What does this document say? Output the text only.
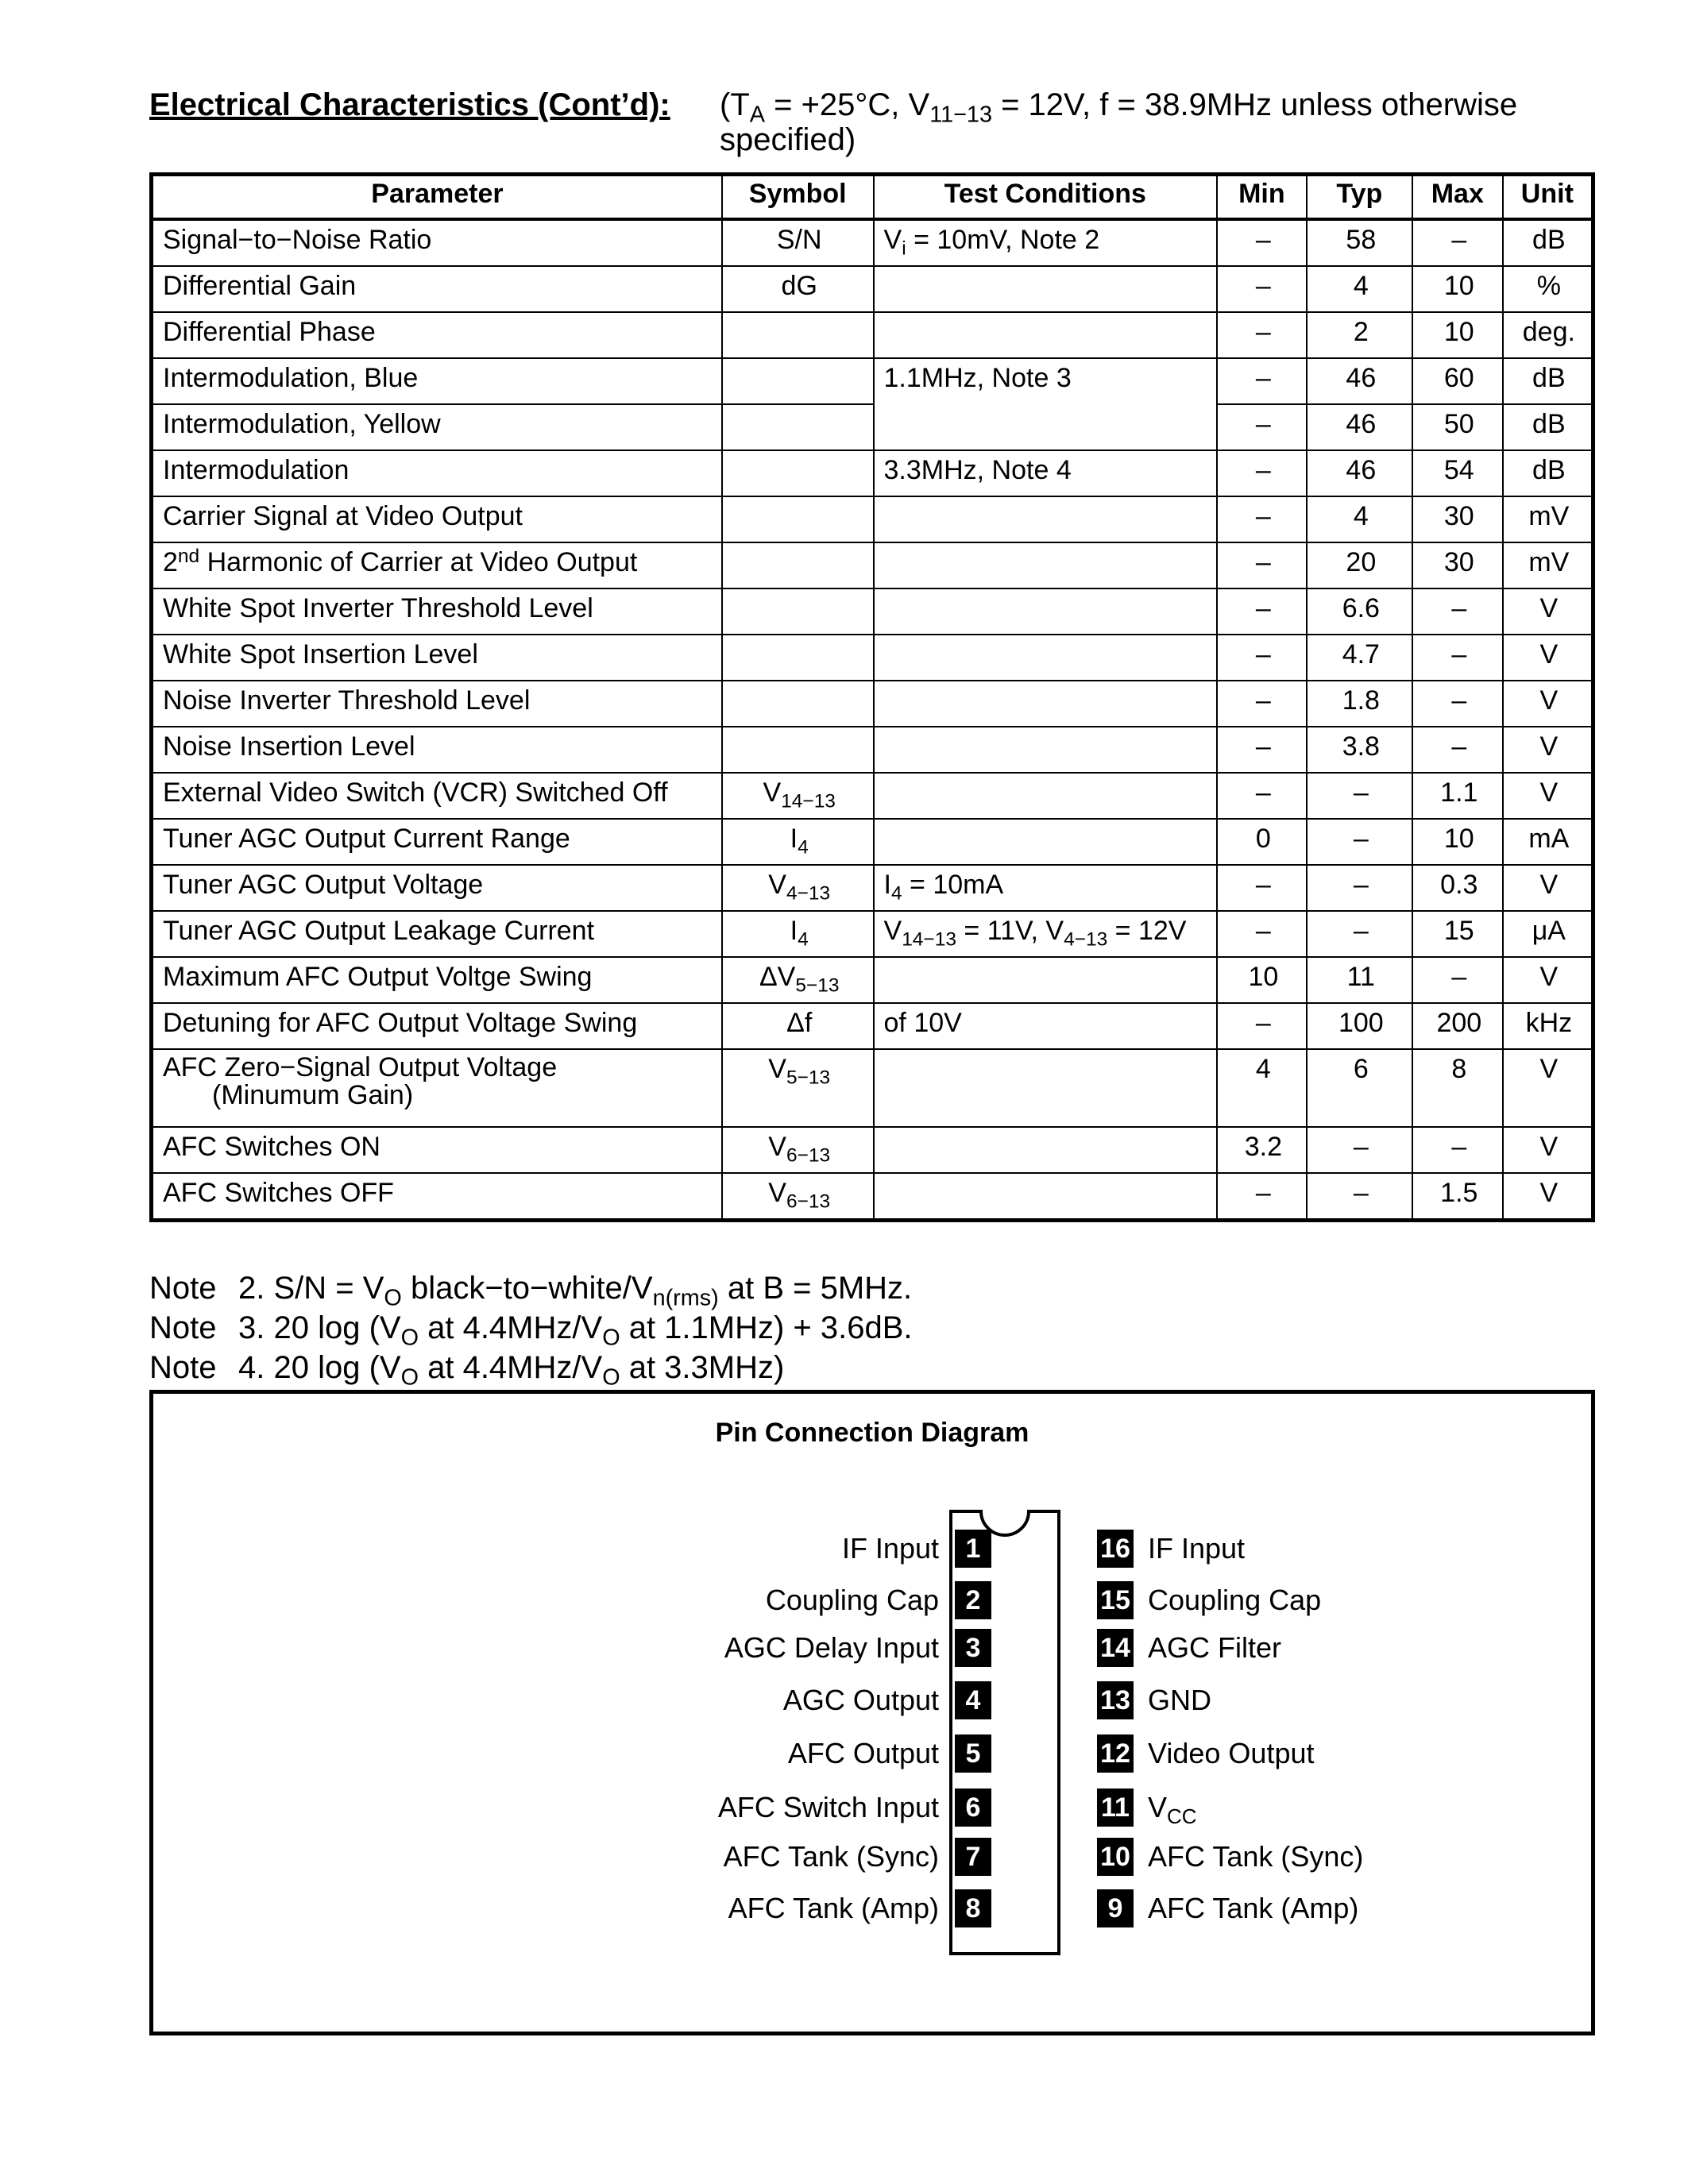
Electrical Characteristics (Cont’d): ($T_A = +25^\circ C$, $V_{11-13} = 12V$, f = 38.9MHz unless otherwise
specified)
Parameter	Symbol	Test Conditions	Min	Typ	Max	Unit
Signal−to−Noise Ratio	S/N	$V_i = 10mV$, Note 2	–	58	–	dB
Differential Gain	dG		–	4	10	%
Differential Phase			–	2	10	deg.
Intermodulation, Blue		1.1MHz, Note 3	–	46	60	dB
Intermodulation, Yellow			–	46	50	dB
Intermodulation		3.3MHz, Note 4	–	46	54	dB
Carrier Signal at Video Output			–	4	30	mV
2nd Harmonic of Carrier at Video Output			–	20	30	mV
White Spot Inverter Threshold Level			–	6.6	–	V
White Spot Insertion Level			–	4.7	–	V
Noise Inverter Threshold Level			–	1.8	–	V
Noise Insertion Level			–	3.8	–	V
External Video Switch (VCR) Switched Off	$V_{14-13}$		–	–	1.1	V
Tuner AGC Output Current Range	$I_4$		0	–	10	mA
Tuner AGC Output Voltage	$V_{4-13}$	$I_4 = 10mA$	–	–	0.3	V
Tuner AGC Output Leakage Current	$I_4$	$V_{14-13} = 11V$, $V_{4-13} = 12V$	–	–	15	μA
Maximum AFC Output Voltge Swing	$\Delta V_{5-13}$		10	11	–	V
Detuning for AFC Output Voltage Swing	Δf	of 10V	–	100	200	kHz
AFC Zero−Signal Output Voltage
(Minumum Gain)	$V_{5-13}$		4	6	8	V
AFC Switches ON	$V_{6-13}$		3.2	–	–	V
AFC Switches OFF	$V_{6-13}$		–	–	1.5	V
Note 2. $S/N = V_O$ $black-to-white/V_{n(rms)}$ at B = 5MHz.
Note 3. 20 $\log (V_O$ at $4.4MHz/V_O$ at 1.1MHz) + 3.6dB.
Note 4. 20 $\log (V_O$ at $4.4MHz/V_O$ at 3.3MHz)
Pin Connection Diagram
IF Input 1
Coupling Cap 2
AGC Delay Input 3
AGC Output 4
AFC Output 5
AFC Switch Input 6
AFC Tank (Sync) 7
AFC Tank (Amp) 8
16 IF Input
15 Coupling Cap
14 AGC Filter
13 GND
12 Video Output
11 $V_{CC}$
10 AFC Tank (Sync)
9 AFC Tank (Amp)
